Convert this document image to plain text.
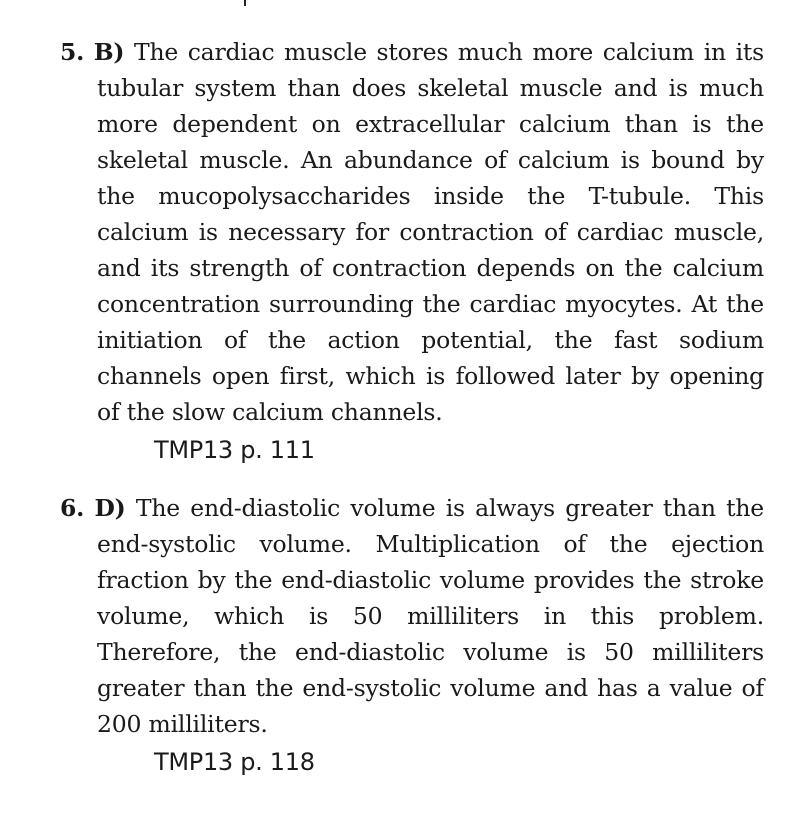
5. B) The cardiac muscle stores much more calcium in its tubular system than does skeletal muscle and is much more dependent on extracellular calcium than is the skeletal muscle. An abundance of calcium is bound by the mucopolysaccharides inside the T-tubule. This calcium is necessary for contraction of cardiac muscle, and its strength of contraction depends on the calcium concentration surrounding the cardiac myocytes. At the initiation of the action potential, the fast sodium channels open first, which is followed later by opening of the slow calcium channels.
TMP13 p. 111
6. D) The end-diastolic volume is always greater than the end-systolic volume. Multiplication of the ejection fraction by the end-diastolic volume provides the stroke volume, which is 50 milliliters in this problem. Therefore, the end-diastolic volume is 50 milliliters greater than the end-systolic volume and has a value of 200 milliliters.
TMP13 p. 118
